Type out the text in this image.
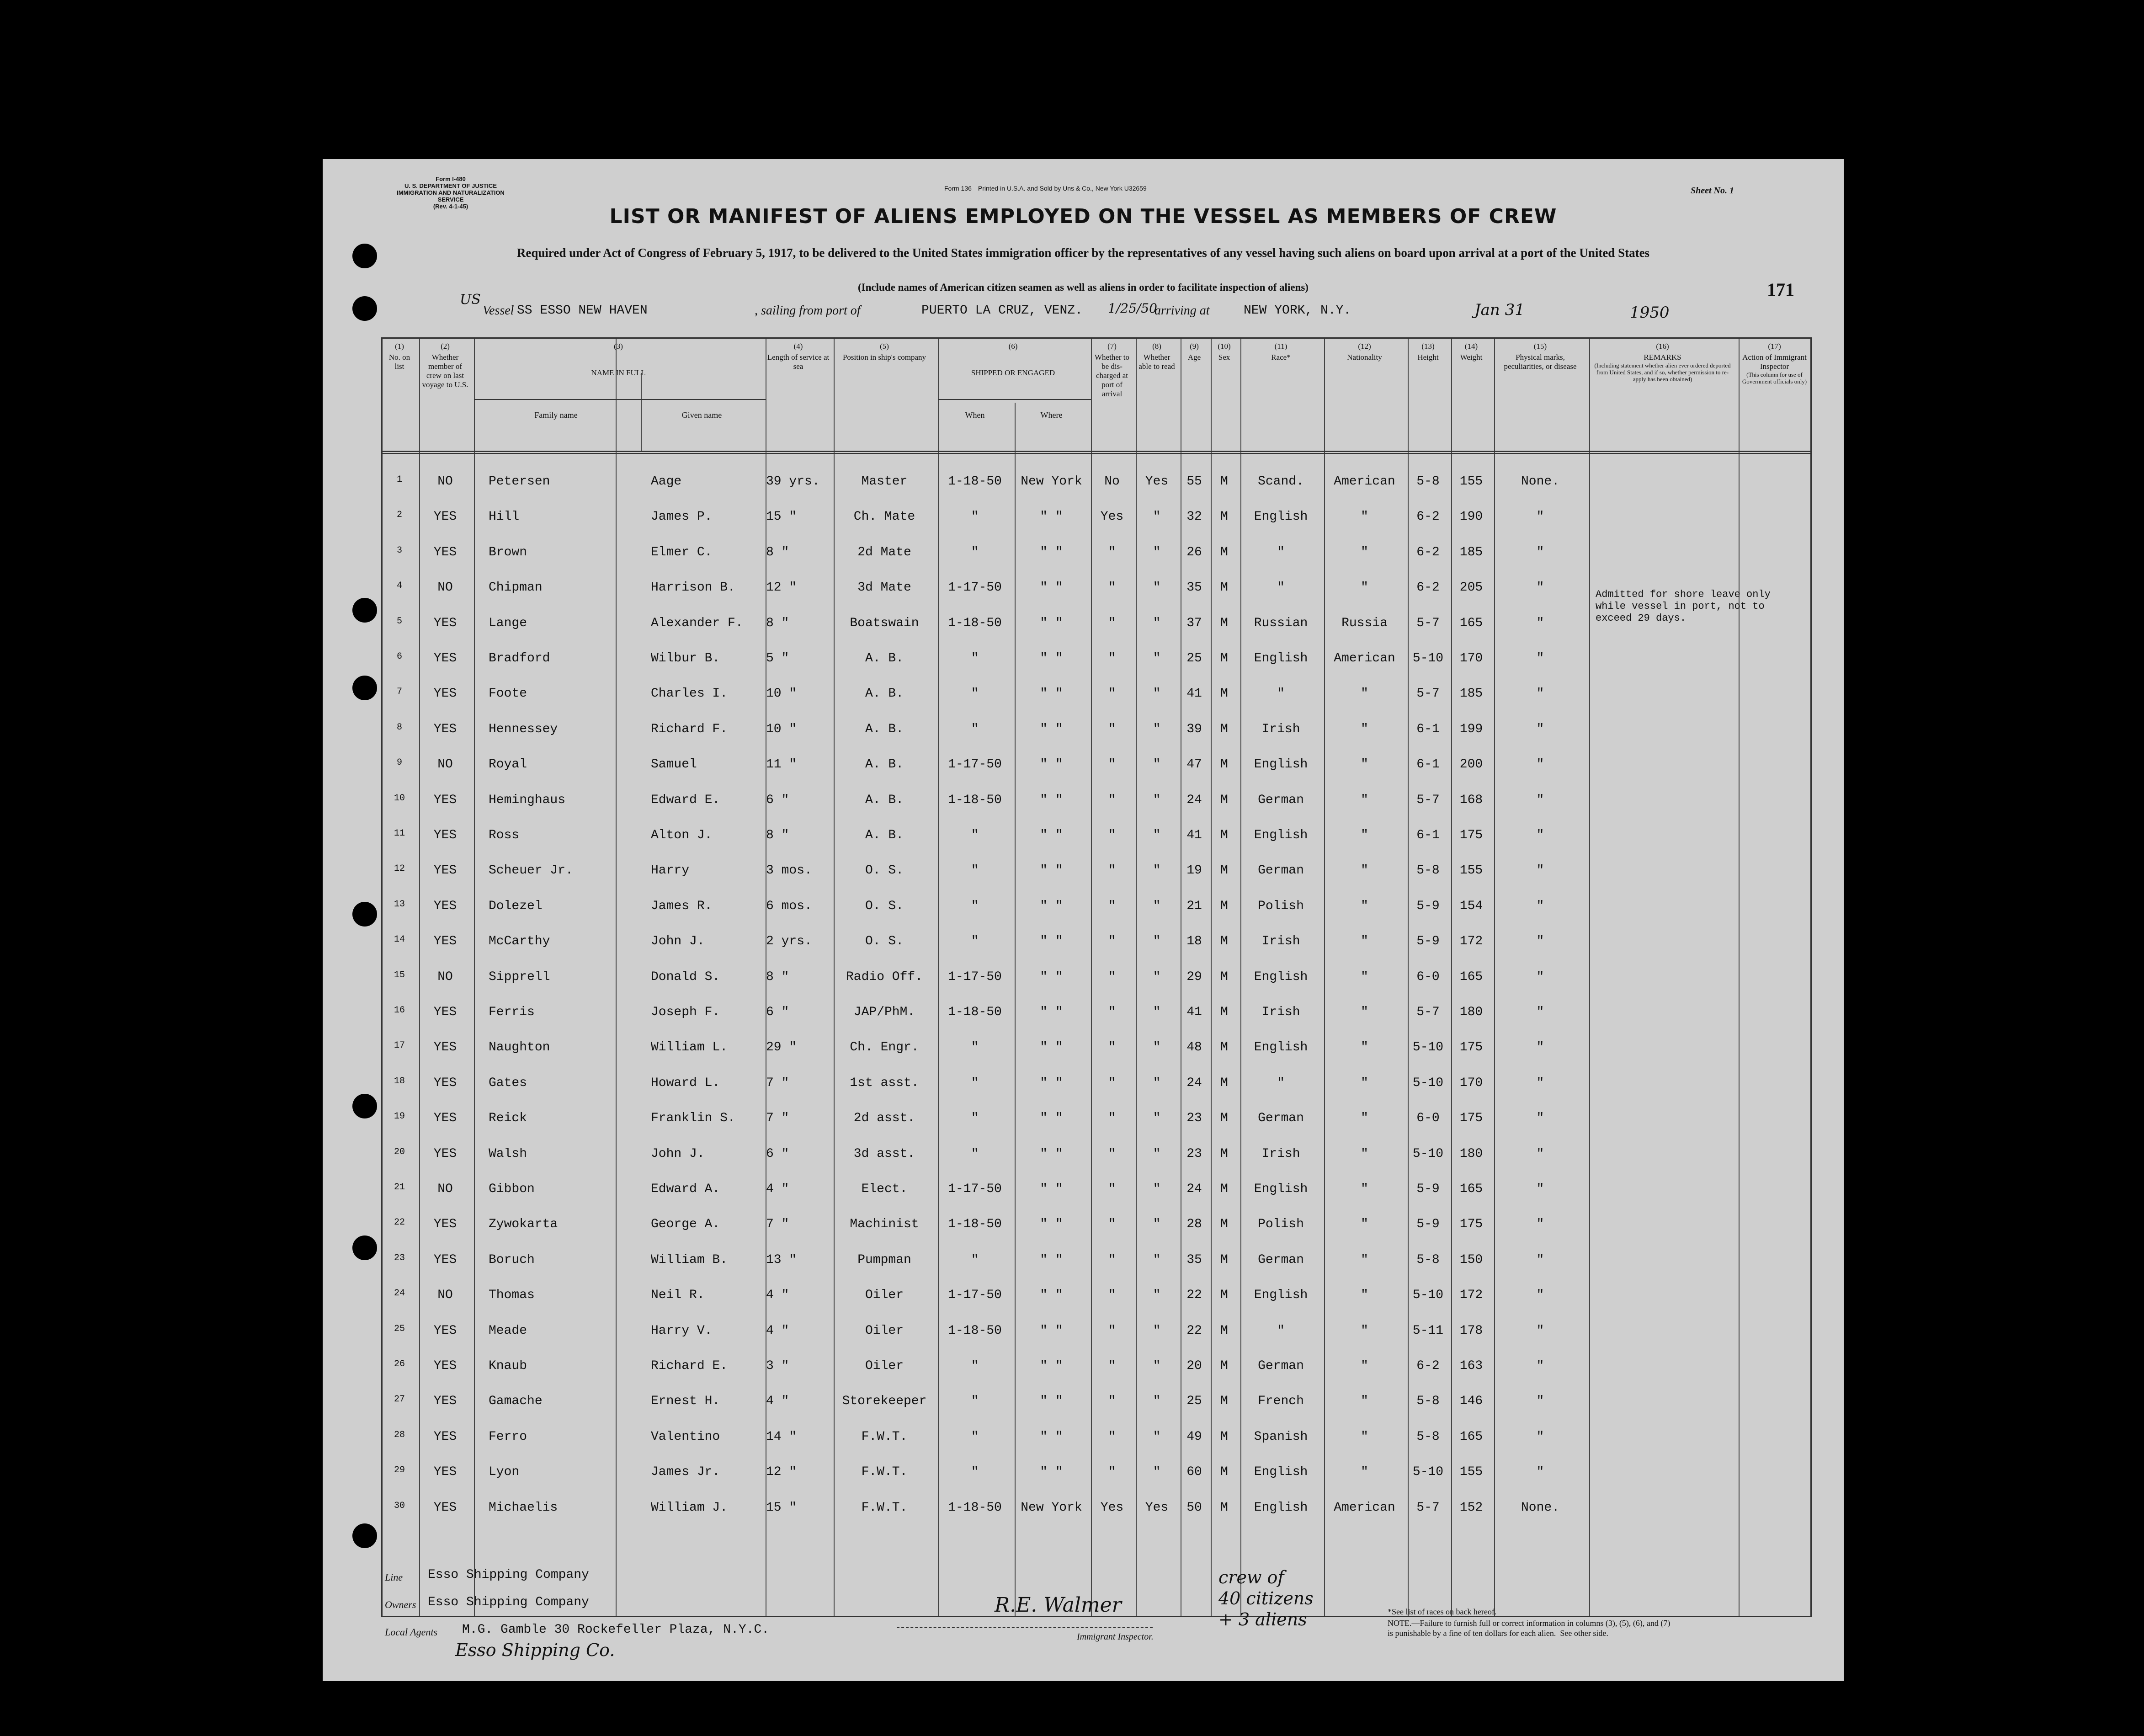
Form I-480
U. S. DEPARTMENT OF JUSTICE
IMMIGRATION AND NATURALIZATION SERVICE
(Rev. 4-1-45)
Form 136—Printed in U.S.A. and Sold by Uns & Co., New York U32659	Sheet No. 1
LIST OR MANIFEST OF ALIENS EMPLOYED ON THE VESSEL AS MEMBERS OF CREW
Required under Act of Congress of February 5, 1917, to be delivered to the United States immigration officer by the representatives of any vessel having such aliens on board upon arrival at a port of the United States
(Include names of American citizen seamen as well as aliens in order to facilitate inspection of aliens)	171
US
Vessel SS ESSO NEW HAVEN	, sailing from port of	PUERTO LA CRUZ, VENZ. 1/25/50
arriving at	NEW YORK, N.Y.	Jan 31	1950
(1)
No. on list
(2)
Whether member of crew on last voyage to U.S.
(3)
NAME IN FULL
Family name	Given name
(4)
Length of service at sea
(5)
Position in ship's company
(6)
SHIPPED OR ENGAGED
When	Where
(7)
Whether to be dis-charged at port of arrival
(8)
Whether able to read
(9)
Age
(10)
Sex
(11)
Race*
(12)
Nationality
(13)
Height
(14)
Weight
(15)
Physical marks, peculiarities, or disease
(16)
REMARKS
(Including statement whether alien ever ordered deported from United States, and if so, whether permission to re-apply has been obtained)
(17)
Action of Immigrant Inspector
(This column for use of Government officials only)
1	NO	Petersen	Aage	39 yrs.	Master	1-18-50	New York	No	Yes	55	M	Scand.	American	5-8	155	None.
2	YES	Hill	James P.	15 "	Ch. Mate	"	" "	Yes	"	32	M	English	"	6-2	190	"
3	YES	Brown	Elmer C.	8 "	2d Mate	"	" "	"	"	26	M	"	"	6-2	185	"
4	NO	Chipman	Harrison B.	12 "	3d Mate	1-17-50	" "	"	"	35	M	"	"	6-2	205	"
5	YES	Lange	Alexander F.	8 "	Boatswain	1-18-50	" "	"	"	37	M	Russian	Russia	5-7	165	"
6	YES	Bradford	Wilbur B.	5 "	A. B.	"	" "	"	"	25	M	English	American	5-10	170	"
7	YES	Foote	Charles I.	10 "	A. B.	"	" "	"	"	41	M	"	"	5-7	185	"
8	YES	Hennessey	Richard F.	10 "	A. B.	"	" "	"	"	39	M	Irish	"	6-1	199	"
9	NO	Royal	Samuel	11 "	A. B.	1-17-50	" "	"	"	47	M	English	"	6-1	200	"
10	YES	Heminghaus	Edward E.	6 "	A. B.	1-18-50	" "	"	"	24	M	German	"	5-7	168	"
11	YES	Ross	Alton J.	8 "	A. B.	"	" "	"	"	41	M	English	"	6-1	175	"
12	YES	Scheuer Jr.	Harry	3 mos.	O. S.	"	" "	"	"	19	M	German	"	5-8	155	"
13	YES	Dolezel	James R.	6 mos.	O. S.	"	" "	"	"	21	M	Polish	"	5-9	154	"
14	YES	McCarthy	John J.	2 yrs.	O. S.	"	" "	"	"	18	M	Irish	"	5-9	172	"
15	NO	Sipprell	Donald S.	8 "	Radio Off.	1-17-50	" "	"	"	29	M	English	"	6-0	165	"
16	YES	Ferris	Joseph F.	6 "	JAP/PhM.	1-18-50	" "	"	"	41	M	Irish	"	5-7	180	"
17	YES	Naughton	William L.	29 "	Ch. Engr.	"	" "	"	"	48	M	English	"	5-10	175	"
18	YES	Gates	Howard L.	7 "	1st asst.	"	" "	"	"	24	M	"	"	5-10	170	"
19	YES	Reick	Franklin S.	7 "	2d asst.	"	" "	"	"	23	M	German	"	6-0	175	"
20	YES	Walsh	John J.	6 "	3d asst.	"	" "	"	"	23	M	Irish	"	5-10	180	"
21	NO	Gibbon	Edward A.	4 "	Elect.	1-17-50	" "	"	"	24	M	English	"	5-9	165	"
22	YES	Zywokarta	George A.	7 "	Machinist	1-18-50	" "	"	"	28	M	Polish	"	5-9	175	"
23	YES	Boruch	William B.	13 "	Pumpman	"	" "	"	"	35	M	German	"	5-8	150	"
24	NO	Thomas	Neil R.	4 "	Oiler	1-17-50	" "	"	"	22	M	English	"	5-10	172	"
25	YES	Meade	Harry V.	4 "	Oiler	1-18-50	" "	"	"	22	M	"	"	5-11	178	"
26	YES	Knaub	Richard E.	3 "	Oiler	"	" "	"	"	20	M	German	"	6-2	163	"
27	YES	Gamache	Ernest H.	4 "	Storekeeper	"	" "	"	"	25	M	French	"	5-8	146	"
28	YES	Ferro	Valentino	14 "	F.W.T.	"	" "	"	"	49	M	Spanish	"	5-8	165	"
29	YES	Lyon	James Jr.	12 "	F.W.T.	"	" "	"	"	60	M	English	"	5-10	155	"
30	YES	Michaelis	William J.	15 "	F.W.T.	1-18-50	New York	Yes	Yes	50	M	English	American	5-7	152	None.
Admitted for shore leave only while vessel in port, not to exceed 29 days.
Line Esso Shipping Company
Owners Esso Shipping Company
Local Agents M.G. Gamble 30 Rockefeller Plaza, N.Y.C.
Esso Shipping Co.
R.E. Walmer
Immigrant Inspector.
crew of
40 citizens
+ 3 aliens	*See list of races on back hereof.
NOTE.—Failure to furnish full or correct information in columns (3), (5), (6), and (7)
is punishable by a fine of ten dollars for each alien.  See other side.
